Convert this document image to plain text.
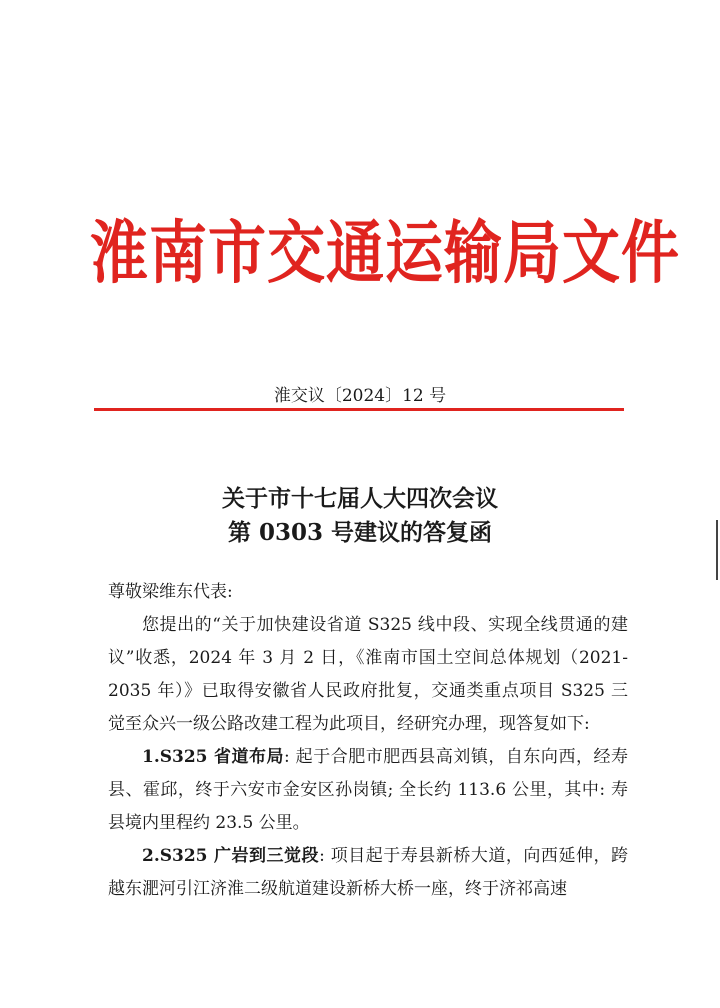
淮南市交通运输局文件
淮交议〔2024〕12 号
关于市十七届人大四次会议
第 0303 号建议的答复函

尊敬梁维东代表:

您提出的“关于加快建设省道 S325 线中段、实现全线贯通的建议”收悉，2024 年 3 月 2 日，《淮南市国土空间总体规划（2021-2035 年）》已取得安徽省人民政府批复，交通类重点项目 S325 三觉至众兴一级公路改建工程为此项目，经研究办理，现答复如下:

1.S325 省道布局: 起于合肥市肥西县高刘镇，自东向西，经寿县、霍邱，终于六安市金安区孙岗镇; 全长约 113.6 公里，其中: 寿县境内里程约 23.5 公里。

2.S325 广岩到三觉段: 项目起于寿县新桥大道，向西延伸，跨越东淝河引江济淮二级航道建设新桥大桥一座，终于济祁高速
